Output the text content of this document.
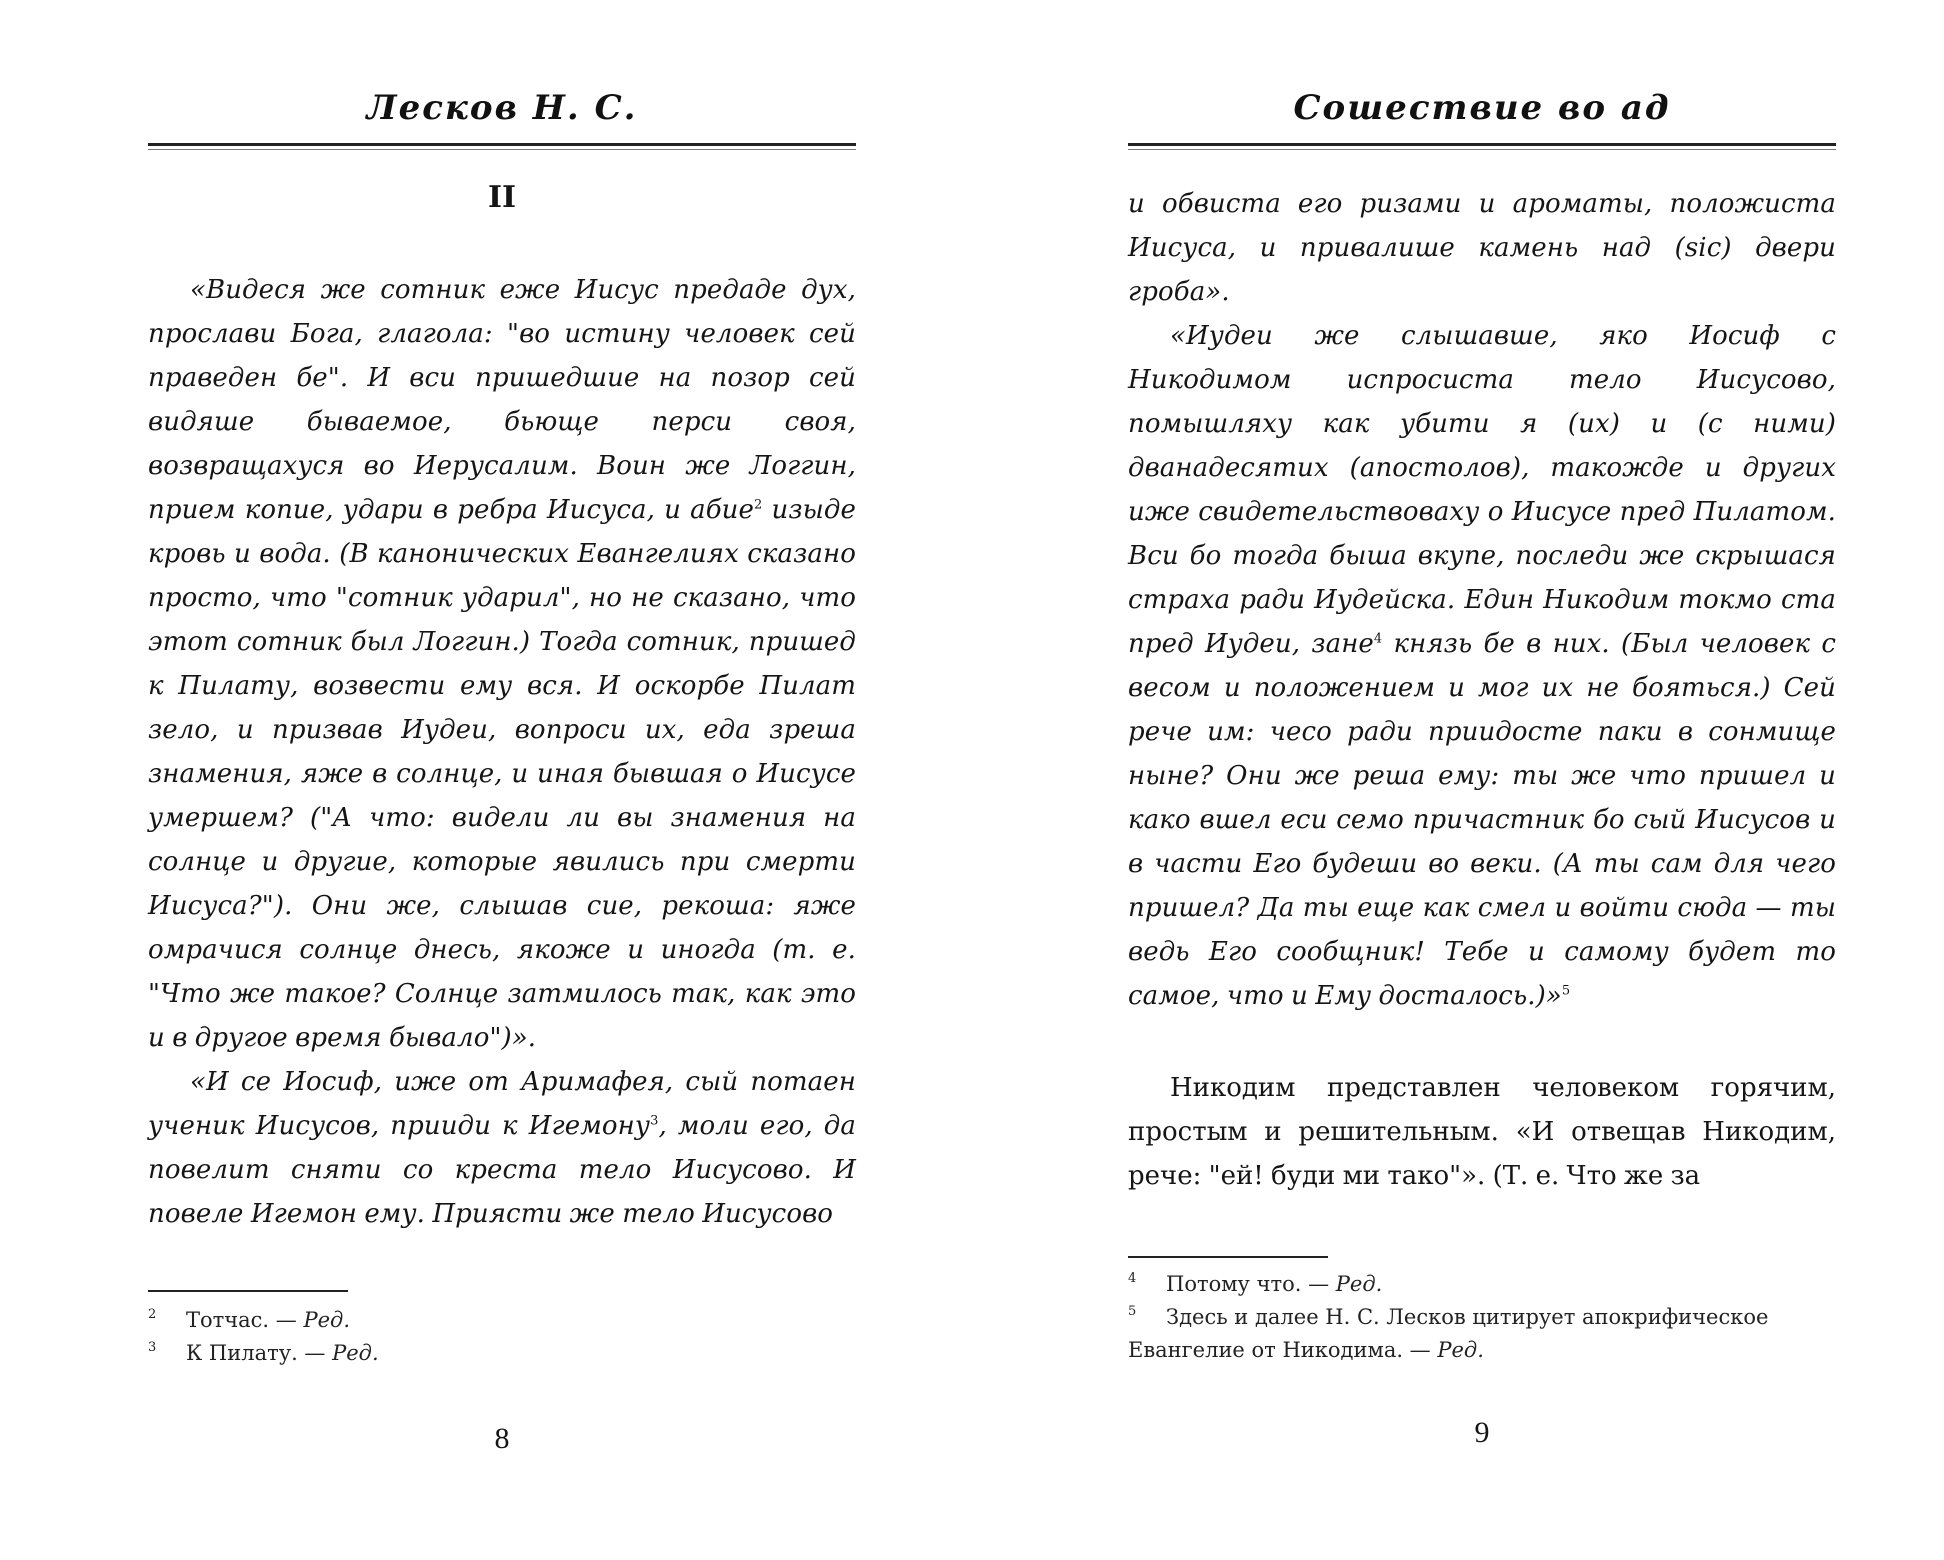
Лесков Н. С.
II

«Видеся же сотник еже Иисус предаде дух, прослави Бога, глагола: "во истину человек сей праведен бе". И вси пришедшие на позор сей видяше бываемое, бьюще перси своя, возвращахуся во Иерусалим. Воин же Логгин, прием копие, удари в ребра Иисуса, и абие$^2$ изыде кровь и вода. (В канонических Евангелиях сказано просто, что "сотник ударил", но не сказано, что этот сотник был Логгин.) Тогда сотник, пришед к Пилату, возвести ему вся. И оскорбе Пилат зело, и призвав Иудеи, вопроси их, еда зреша знамения, яже в солнце, и иная бывшая о Иисусе умершем? ("А что: видели ли вы знамения на солнце и другие, которые явились при смерти Иисуса?"). Они же, слышав сие, рекоша: яже омрачися солнце днесь, якоже и иногда (т. е. "Что же такое? Солнце затмилось так, как это и в другое время бывало")».

«И се Иосиф, иже от Аримафея, сый потаен ученик Иисусов, прииди к Игемону$^3$, моли его, да повелит сняти со креста тело Иисусово. И повеле Игемон ему. Приясти же тело Иисусово

2 Тотчас. — Ред.
3 К Пилату. — Ред.
8
Сошествие во ад

и обвиста его ризами и ароматы, положиста Иисуса, и привалише камень над (sic) двери гроба».

«Иудеи же слышавше, яко Иосиф с Никодимом испросиста тело Иисусово, помышляху как убити я (их) и (с ними) дванадесятих (апостолов), такожде и других иже свидетельствоваху о Иисусе пред Пилатом. Вси бо тогда быша вкупе, последи же скрышася страха ради Иудейска. Един Никодим токмо ста пред Иудеи, зане$^4$ князь бе в них. (Был человек с весом и положением и мог их не бояться.) Сей рече им: чесо ради приидосте паки в сонмище ныне? Они же реша ему: ты же что пришел и како вшел еси семо причастник бо сый Иисусов и в части Его будеши во веки. (А ты сам для чего пришел? Да ты еще как смел и войти сюда — ты ведь Его сообщник! Тебе и самому будет то самое, что и Ему досталось.)»$^5$

Никодим представлен человеком горячим, простым и решительным. «И отвещав Никодим, рече: "ей! буди ми тако"». (Т. е. Что же за

4 Потому что. — Ред.
5 Здесь и далее Н. С. Лесков цитирует апокрифическое Евангелие от Никодима. — Ред.
9
